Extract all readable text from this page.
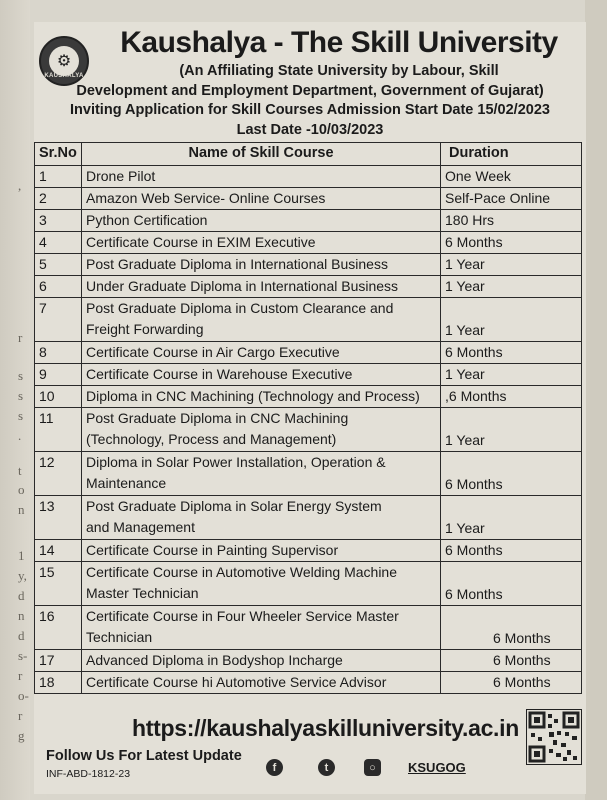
,
r
s
s
s
.
t
o
n
1
y,
d
n
d
s-
r
o-
r
g
⚙
KAUSHALYA
Kaushalya - The Skill University
(An Affiliating State University by Labour, Skill
Development and Employment Department, Government of Gujarat)
Inviting Application for Skill Courses Admission Start Date 15/02/2023
Last Date -10/03/2023
Sr.No	Name of Skill Course	Duration
1	Drone Pilot	One Week
2	Amazon Web Service- Online Courses	Self-Pace Online
3	Python Certification	180 Hrs
4	Certificate Course in EXIM Executive	6 Months
5	Post Graduate Diploma in International Business	1 Year
6	Under Graduate Diploma in International Business	1 Year
7	Post Graduate Diploma in Custom Clearance and
Freight Forwarding	1 Year
8	Certificate Course in Air Cargo Executive	6 Months
9	Certificate Course in Warehouse Executive	1 Year
10	Diploma in CNC Machining (Technology and Process)	,6 Months
11	Post Graduate Diploma in CNC Machining
(Technology, Process and Management)	1 Year
12	Diploma in Solar Power Installation, Operation &
Maintenance	6 Months
13	Post Graduate Diploma in Solar Energy System
and Management	1 Year
14	Certificate Course in Painting Supervisor	6 Months
15	Certificate Course in Automotive Welding Machine
Master Technician	6 Months
16	Certificate Course in Four Wheeler Service Master
Technician	6 Months
17	Advanced Diploma in Bodyshop Incharge	6 Months
18	Certificate Course hi Automotive Service Advisor	6 Months
https://kaushalyaskilluniversity.ac.in
Follow Us For Latest Update
INF-ABD-1812-23
f	t	○	KSUGOG
